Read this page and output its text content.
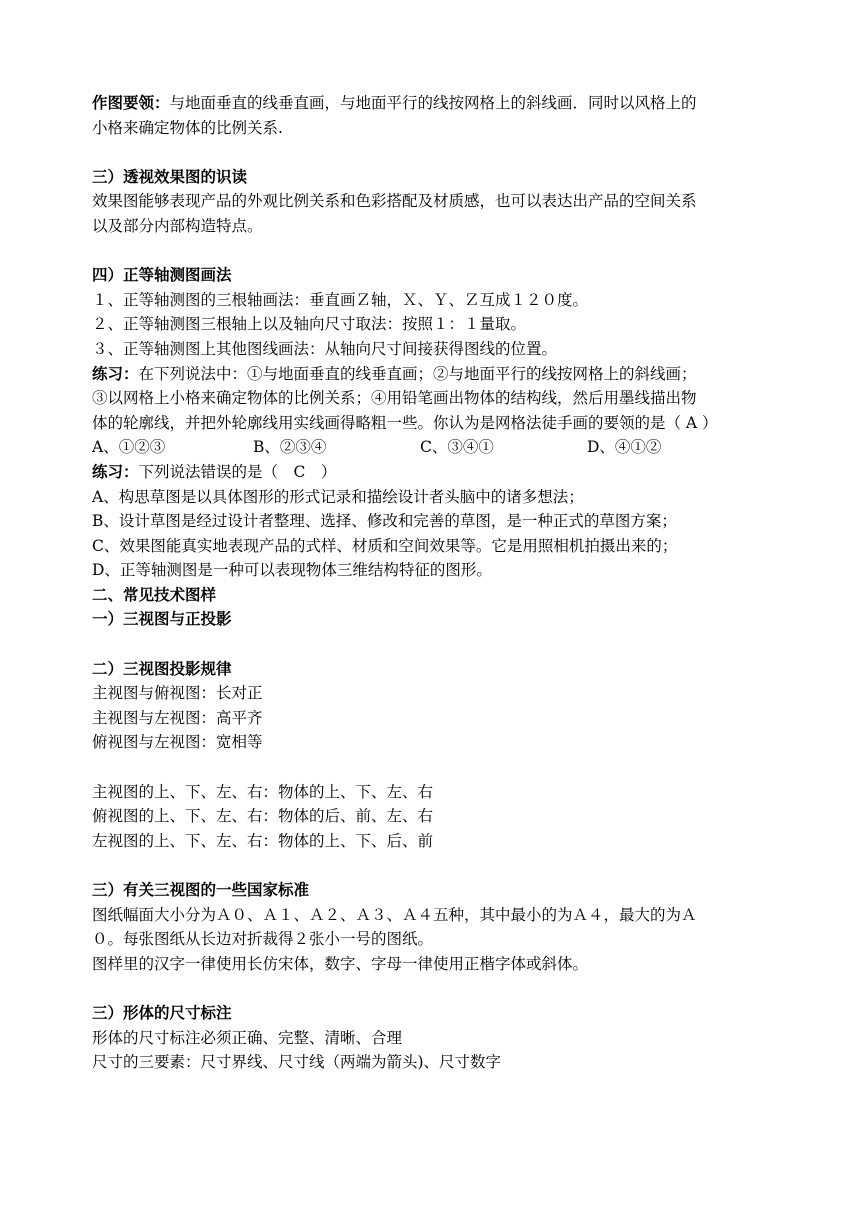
作图要领：与地面垂直的线垂直画，与地面平行的线按网格上的斜线画．同时以风格上的
小格来确定物体的比例关系.
三）透视效果图的识读
效果图能够表现产品的外观比例关系和色彩搭配及材质感，也可以表达出产品的空间关系
以及部分内部构造特点。
四）正等轴测图画法
１、正等轴测图的三根轴画法：垂直画Ｚ轴，Ｘ、Ｙ、Ｚ互成１２０度。
２、正等轴测图三根轴上以及轴向尺寸取法：按照１：１量取。
３、正等轴测图上其他图线画法：从轴向尺寸间接获得图线的位置。
练习：在下列说法中：①与地面垂直的线垂直画；②与地面平行的线按网格上的斜线画；
③以网格上小格来确定物体的比例关系；④用铅笔画出物体的结构线，然后用墨线描出物
体的轮廓线，并把外轮廓线用实线画得略粗一些。你认为是网格法徒手画的要领的是（ A ）
A、①②③	B、②③④	C、③④①	D、④①②
练习：下列说法错误的是（　C　）
A、构思草图是以具体图形的形式记录和描绘设计者头脑中的诸多想法；
B、设计草图是经过设计者整理、选择、修改和完善的草图，是一种正式的草图方案；
C、效果图能真实地表现产品的式样、材质和空间效果等。它是用照相机拍摄出来的；
D、正等轴测图是一种可以表现物体三维结构特征的图形。
二、常见技术图样
一）三视图与正投影
二）三视图投影规律
主视图与俯视图：长对正
主视图与左视图：高平齐
俯视图与左视图：宽相等
主视图的上、下、左、右：物体的上、下、左、右
俯视图的上、下、左、右：物体的后、前、左、右
左视图的上、下、左、右：物体的上、下、后、前
三）有关三视图的一些国家标准
图纸幅面大小分为Ａ０、Ａ１、Ａ２、Ａ３、Ａ４五种，其中最小的为Ａ４，最大的为Ａ
０。每张图纸从长边对折裁得２张小一号的图纸。
图样里的汉字一律使用长仿宋体，数字、字母一律使用正楷字体或斜体。
三）形体的尺寸标注
形体的尺寸标注必须正确、完整、清晰、合理
尺寸的三要素：尺寸界线、尺寸线（两端为箭头)、尺寸数字
